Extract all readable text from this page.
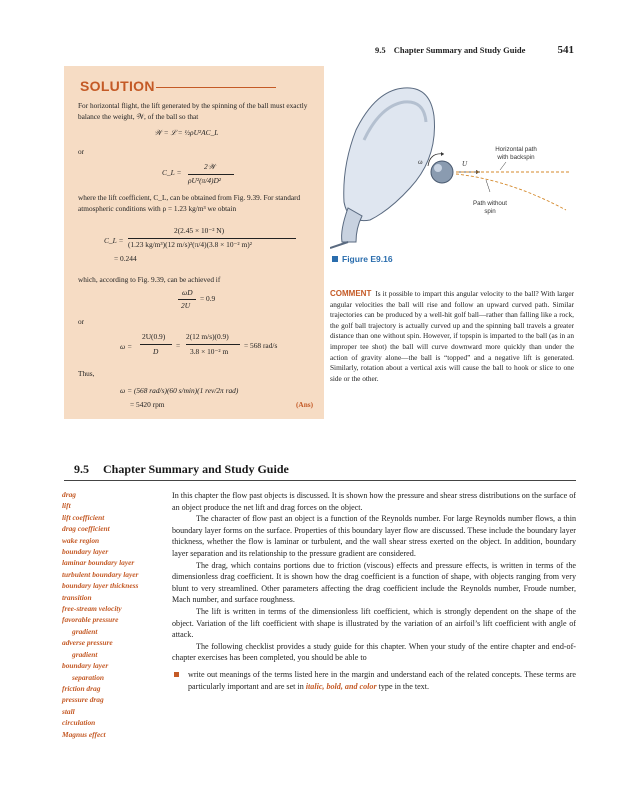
9.5 Chapter Summary and Study Guide	541
SOLUTION
For horizontal flight, the lift generated by the spinning of the ball must exactly balance the weight, 𝒲, of the ball so that
𝒲 = ℒ = ½ρU²AC_L
or
C_L =
2𝒲
ρU²(π/4)D²
where the lift coefficient, C_L, can be obtained from Fig. 9.39. For standard atmospheric conditions with ρ = 1.23 kg/m³ we obtain
C_L =
2(2.45 × 10⁻² N)
(1.23 kg/m³)(12 m/s)²(π/4)(3.8 × 10⁻² m)²
= 0.244
which, according to Fig. 9.39, can be achieved if
ωD
2U
= 0.9
or
ω =
2U(0.9)
D
=
2(12 m/s)(0.9)
3.8 × 10⁻² m
= 568 rad/s
Thus,
ω = (568 rad/s)(60 s/min)(1 rev/2π rad)
= 5420 rpm	(Ans)
Horizontal path
with backspin
U
ω
Path without
spin
Figure E9.16
COMMENT Is it possible to impart this angular velocity to the ball? With larger angular velocities the ball will rise and follow an upward curved path. Similar trajectories can be produced by a well-hit golf ball—rather than falling like a rock, the golf ball trajectory is actually curved up and the spinning ball travels a greater distance than one without spin. However, if topspin is imparted to the ball (as in an improper tee shot) the ball will curve downward more quickly than under the action of gravity alone—the ball is “topped” and a negative lift is generated. Similarly, rotation about a vertical axis will cause the ball to hook or slice to one side or the other.
9.5 Chapter Summary and Study Guide
drag
lift
lift coefficient
drag coefficient
wake region
boundary layer
laminar boundary layer
turbulent boundary layer
boundary layer thickness
transition
free-stream velocity
favorable pressure
gradient
adverse pressure
gradient
boundary layer
separation
friction drag
pressure drag
stall
circulation
Magnus effect

In this chapter the flow past objects is discussed. It is shown how the pressure and shear stress distributions on the surface of an object produce the net lift and drag forces on the object.

The character of flow past an object is a function of the Reynolds number. For large Reynolds number flows, a thin boundary layer forms on the surface. Properties of this boundary layer flow are discussed. These include the boundary layer thickness, whether the flow is laminar or turbulent, and the wall shear stress exerted on the object. In addition, boundary layer separation and its relationship to the pressure gradient are considered.

The drag, which contains portions due to friction (viscous) effects and pressure effects, is written in terms of the dimensionless drag coefficient. It is shown how the drag coefficient is a function of shape, with objects ranging from very blunt to very streamlined. Other parameters affecting the drag coefficient include the Reynolds number, Froude number, Mach number, and surface roughness.

The lift is written in terms of the dimensionless lift coefficient, which is strongly dependent on the shape of the object. Variation of the lift coefficient with shape is illustrated by the variation of an airfoil’s lift coefficient with angle of attack.

The following checklist provides a study guide for this chapter. When your study of the entire chapter and end-of-chapter exercises has been completed, you should be able to

write out meanings of the terms listed here in the margin and understand each of the related concepts. These terms are particularly important and are set in italic, bold, and color type in the text.
